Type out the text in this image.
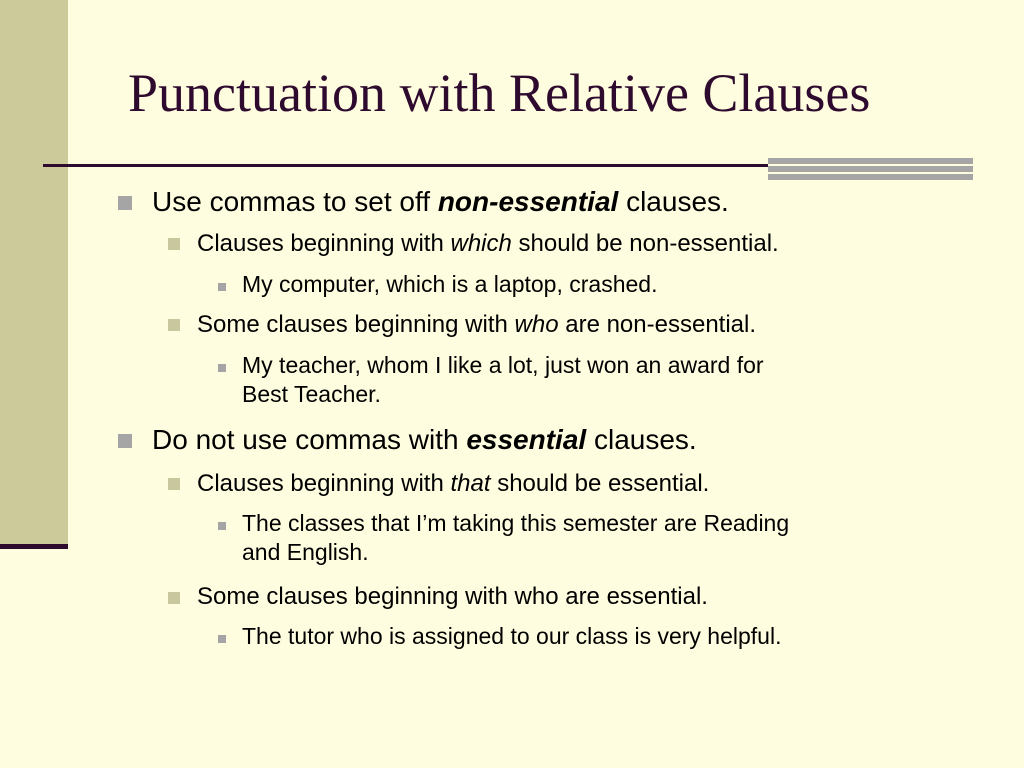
Punctuation with Relative Clauses
Use commas to set off non-essential clauses.
Clauses beginning with which should be non-essential.
My computer, which is a laptop, crashed.
Some clauses beginning with who are non-essential.
My teacher, whom I like a lot, just won an award for
Best Teacher.
Do not use commas with essential clauses.
Clauses beginning with that should be essential.
The classes that I’m taking this semester are Reading
and English.
Some clauses beginning with who are essential.
The tutor who is assigned to our class is very helpful.
